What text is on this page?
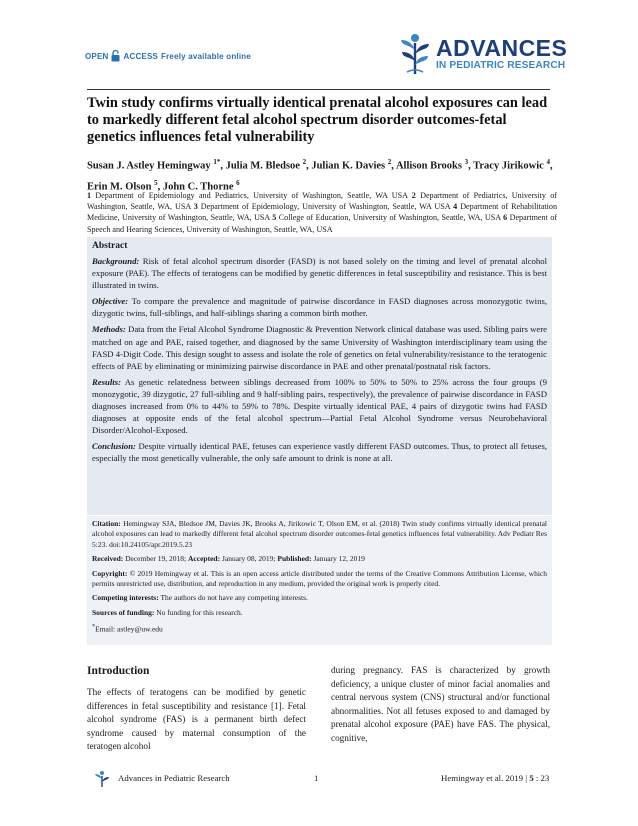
OPEN ACCESS Freely available online	ADVANCES
IN PEDIATRIC RESEARCH
Twin study confirms virtually identical prenatal alcohol exposures can lead to markedly different fetal alcohol spectrum disorder outcomes-fetal genetics influences fetal vulnerability
Susan J. Astley Hemingway $^{1*}$, Julia M. Bledsoe $^2$, Julian K. Davies $^2$, Allison Brooks $^3$, Tracy Jirikowic $^4$, Erin M. Olson $^5$, John C. Thorne $^6$
1 Department of Epidemiology and Pediatrics, University of Washington, Seattle, WA USA 2 Department of Pediatrics, University of Washington, Seattle, WA, USA 3 Department of Epidemiology, University of Washington, Seattle, WA USA 4 Department of Rehabilitation Medicine, University of Washington, Seattle, WA, USA 5 College of Education, University of Washington, Seattle, WA, USA 6 Department of Speech and Hearing Sciences, University of Washington, Seattle, WA, USA
Abstract

Background: Risk of fetal alcohol spectrum disorder (FASD) is not based solely on the timing and level of prenatal alcohol exposure (PAE). The effects of teratogens can be modified by genetic differences in fetal susceptibility and resistance. This is best illustrated in twins.

Objective: To compare the prevalence and magnitude of pairwise discordance in FASD diagnoses across monozygotic twins, dizygotic twins, full-siblings, and half-siblings sharing a common birth mother.

Methods: Data from the Fetal Alcohol Syndrome Diagnostic & Prevention Network clinical database was used. Sibling pairs were matched on age and PAE, raised together, and diagnosed by the same University of Washington interdisciplinary team using the FASD 4-Digit Code. This design sought to assess and isolate the role of genetics on fetal vulnerability/resistance to the teratogenic effects of PAE by eliminating or minimizing pairwise discordance in PAE and other prenatal/postnatal risk factors.

Results: As genetic relatedness between siblings decreased from 100% to 50% to 50% to 25% across the four groups (9 monozygotic, 39 dizygotic, 27 full-sibling and 9 half-sibling pairs, respectively), the prevalence of pairwise discordance in FASD diagnoses increased from 0% to 44% to 59% to 78%. Despite virtually identical PAE, 4 pairs of dizygotic twins had FASD diagnoses at opposite ends of the fetal alcohol spectrum—Partial Fetal Alcohol Syndrome versus Neurobehavioral Disorder/Alcohol-Exposed.

Conclusion: Despite virtually identical PAE, fetuses can experience vastly different FASD outcomes. Thus, to protect all fetuses, especially the most genetically vulnerable, the only safe amount to drink is none at all.

Citation: Hemingway SJA, Bledsoe JM, Davies JK, Brooks A, Jirikowic T, Olson EM, et al. (2018) Twin study confirms virtually identical prenatal alcohol exposures can lead to markedly different fetal alcohol spectrum disorder outcomes-fetal genetics influences fetal vulnerability. Adv Pediatr Res 5:23. doi:10.24105/apr.2019.5.23

Received: December 19, 2018; Accepted: January 08, 2019; Published: January 12, 2019

Copyright: © 2019 Hemingway et al. This is an open access article distributed under the terms of the Creative Commons Attribution License, which permits unrestricted use, distribution, and reproduction in any medium, provided the original work is properly cited.

Competing interests: The authors do not have any competing interests.

Sources of funding: No funding for this research.

*Email: astley@uw.edu

Introduction

The effects of teratogens can be modified by genetic differences in fetal susceptibility and resistance [1]. Fetal alcohol syndrome (FAS) is a permanent birth defect syndrome caused by maternal consumption of the teratogen alcohol

during pregnancy. FAS is characterized by growth deficiency, a unique cluster of minor facial anomalies and central nervous system (CNS) structural and/or functional abnormalities. Not all fetuses exposed to and damaged by prenatal alcohol exposure (PAE) have FAS. The physical, cognitive,

Advances in Pediatric Research	1	Hemingway et al. 2019 | 5 : 23
